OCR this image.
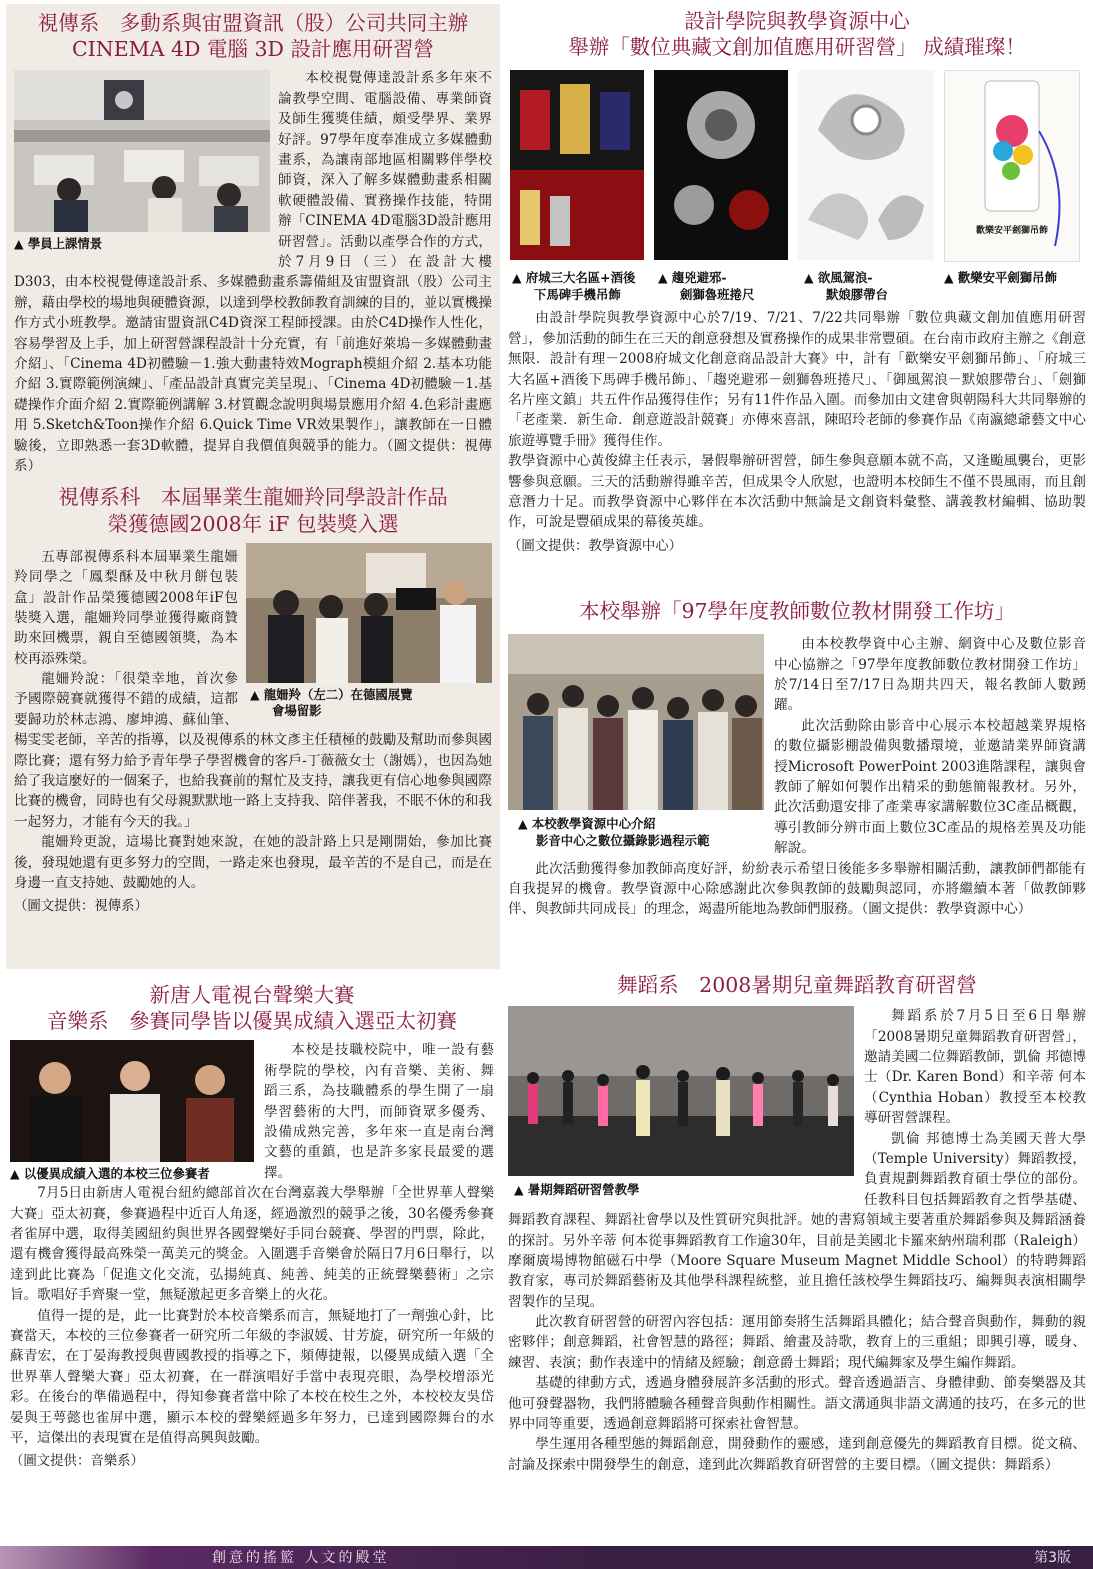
視傳系　多動系與宙盟資訊（股）公司共同主辦
CINEMA 4D 電腦 3D 設計應用研習營
▲ 學員上課情景

本校視覺傳達設計系多年來不論教學空間、電腦設備、專業師資及師生獲獎佳績，頗受學界、業界好評。97學年度奉准成立多媒體動畫系，為讓南部地區相關夥伴學校師資，深入了解多媒體動畫系相關軟硬體設備、實務操作技能，特開辦「CINEMA 4D電腦3D設計應用研習營」。活動以產學合作的方式，於7月9日（三）在設計大樓D303，由本校視覺傳達設計系、多媒體動畫系籌備組及宙盟資訊（股）公司主辦，藉由學校的場地與硬體資源，以達到學校教師教育訓練的目的，並以實機操作方式小班教學。邀請宙盟資訊C4D資深工程師授課。由於C4D操作人性化，容易學習及上手，加上研習營課程設計十分充實，有「前進好萊塢－多媒體動畫介紹」、「Cinema 4D初體驗－1.強大動畫特效Mograph模組介紹 2.基本功能介紹 3.實際範例演練」、「產品設計真實完美呈現」、「Cinema 4D初體驗－1.基礎操作介面介紹 2.實際範例講解 3.材質觀念說明與場景應用介紹 4.色彩計畫應用 5.Sketch&Toon操作介紹 6.Quick Time VR效果製作」，讓教師在一日體驗後，立即熟悉一套3D軟體，提昇自我價值與競爭的能力。（圖文提供：視傳系）

視傳系科　本屆畢業生龍姍羚同學設計作品
榮獲德國2008年 iF 包裝獎入選
▲ 龍姍羚（左二）在德國展覽
會場留影

五專部視傳系科本屆畢業生龍姍羚同學之「鳳梨酥及中秋月餅包裝盒」設計作品榮獲德國2008年iF包裝獎入選，龍姍羚同學並獲得廠商贊助來回機票，親自至德國領獎，為本校再添殊榮。

龍姍羚說：「很榮幸地，首次參予國際競賽就獲得不錯的成績，這都要歸功於林志鴻、廖坤鴻、蘇仙筆、楊雯雯老師，辛苦的指導，以及視傳系的林文彥主任積極的鼓勵及幫助而參與國際比賽；還有努力給予青年學子學習機會的客戶-丁薇薇女士（謝媽），也因為她給了我這麼好的一個案子，也給我賽前的幫忙及支持，讓我更有信心地參與國際比賽的機會，同時也有父母親默默地一路上支持我、陪伴著我，不眠不休的和我一起努力，才能有今天的我。」

龍姍羚更說，這場比賽對她來說，在她的設計路上只是剛開始，參加比賽後，發現她還有更多努力的空間，一路走來也發現，最辛苦的不是自己，而是在身邊一直支持她、鼓勵她的人。

（圖文提供：視傳系）

新唐人電視台聲樂大賽
音樂系　參賽同學皆以優異成績入選亞太初賽
▲ 以優異成績入選的本校三位參賽者

本校是技職校院中，唯一設有藝術學院的學校，內有音樂、美術、舞蹈三系，為技職體系的學生開了一扇學習藝術的大門，而師資眾多優秀、設備成熟完善，多年來一直是南台灣文藝的重鎮，也是許多家長最愛的選擇。

7月5日由新唐人電視台紐約總部首次在台灣嘉義大學舉辦「全世界華人聲樂大賽」亞太初賽，參賽過程中近百人角逐，經過激烈的競爭之後，30名優秀參賽者雀屏中選，取得美國紐約與世界各國聲樂好手同台競賽、學習的門票，除此，還有機會獲得最高殊榮一萬美元的獎金。入圍選手音樂會於隔日7月6日舉行，以達到此比賽為「促進文化交流，弘揚純真、純善、純美的正統聲樂藝術」之宗旨。歌唱好手齊聚一堂，無疑激起更多音樂上的火花。

值得一提的是，此一比賽對於本校音樂系而言，無疑地打了一劑強心針，比賽當天，本校的三位參賽者一研究所二年級的李淑媛、甘芳旋，研究所一年級的蘇青宏，在丁晏海教授與曹國教授的指導之下，頻傳捷報，以優異成績入選「全世界華人聲樂大賽」亞太初賽，在一群演唱好手當中表現亮眼，為學校增添光彩。在後台的準備過程中，得知參賽者當中除了本校在校生之外，本校校友吳岱晏與王萼懿也雀屏中選，顯示本校的聲樂經過多年努力，已達到國際舞台的水平，這傑出的表現實在是值得高興與鼓勵。

（圖文提供：音樂系）

設計學院與教學資源中心
舉辦「數位典藏文創加值應用研習營」 成績璀璨！
歡樂安平劍獅吊飾
▲ 府城三大名區+酒後
下馬碑手機吊飾
▲ 趨兇避邪-
劍獅魯班捲尺
▲ 欲風駕浪-
默娘膠帶台
▲ 歡樂安平劍獅吊飾

由設計學院與教學資源中心於7/19、7/21、7/22共同舉辦「數位典藏文創加值應用研習營」，參加活動的師生在三天的創意發想及實務操作的成果非常豐碩。在台南市政府主辦之《創意無限．設計有理－2008府城文化創意商品設計大賽》中，計有「歡樂安平劍獅吊飾」、「府城三大名區+酒後下馬碑手機吊飾」、「趨兇避邪－劍獅魯班捲尺」、「御風駕浪－默娘膠帶台」、「劍獅名片座文鎮」共五件作品獲得佳作；另有11件作品入圍。而參加由文建會與朝陽科大共同舉辦的「老產業．新生命．創意遊設計競賽」亦傳來喜訊，陳昭玲老師的參賽作品《南瀛總爺藝文中心旅遊導覽手冊》獲得佳作。

教學資源中心黃俊緯主任表示，暑假舉辦研習營，師生參與意願本就不高，又逢颱風襲台，更影響參與意願。三天的活動辦得雖辛苦，但成果令人欣慰，也證明本校師生不僅不畏風雨，而且創意潛力十足。而教學資源中心夥伴在本次活動中無論是文創資料彙整、講義教材編輯、協助製作，可說是豐碩成果的幕後英雄。

（圖文提供：教學資源中心）

本校舉辦「97學年度教師數位教材開發工作坊」
▲ 本校教學資源中心介紹
影音中心之數位攝錄影過程示範

由本校教學資中心主辦、網資中心及數位影音中心協辦之「97學年度教師數位教材開發工作坊」於7/14日至7/17日為期共四天，報名教師人數踴躍。

此次活動除由影音中心展示本校超越業界規格的數位攝影棚設備與數播環境，並邀請業界師資講授Microsoft PowerPoint 2003進階課程，讓與會教師了解如何製作出精采的動態簡報教材。另外，此次活動還安排了產業專家講解數位3C產品概觀，導引教師分辨市面上數位3C產品的規格差異及功能解說。

此次活動獲得參加教師高度好評，紛紛表示希望日後能多多舉辦相關活動，讓教師們都能有自我提昇的機會。教學資源中心除感謝此次參與教師的鼓勵與認同，亦將繼續本著「做教師夥伴、與教師共同成長」的理念，竭盡所能地為教師們服務。（圖文提供：教學資源中心）

舞蹈系　2008暑期兒童舞蹈教育研習營
▲ 暑期舞蹈研習營教學

舞蹈系於7月5日至6日舉辦「2008暑期兒童舞蹈教育研習營」，邀請美國二位舞蹈教師，凱倫 邦德博士（Dr. Karen Bond）和辛蒂 何本（Cynthia Hoban）教授至本校教導研習營課程。

凱倫 邦德博士為美國天普大學（Temple University）舞蹈教授，負責規劃舞蹈教育碩士學位的部份。任教科目包括舞蹈教育之哲學基礎、舞蹈教育課程、舞蹈社會學以及性質研究與批評。她的書寫領域主要著重於舞蹈參與及舞蹈涵養的探討。另外辛蒂 何本從事舞蹈教育工作逾30年，目前是美國北卡羅來納州瑞利郡（Raleigh）摩爾廣場博物館磁石中學（Moore Square Museum Magnet Middle School）的特聘舞蹈教育家，專司於舞蹈藝術及其他學科課程統整，並且擔任該校學生舞蹈技巧、編舞與表演相關學習製作的呈現。

此次教育研習營的研習內容包括：運用節奏將生活舞蹈具體化；結合聲音與動作，舞動的親密夥伴；創意舞蹈，社會智慧的路徑；舞蹈、繪畫及詩歌，教育上的三重組；即興引導，暖身、練習、表演；動作表達中的情緒及經驗；創意爵士舞蹈；現代編舞家及學生編作舞蹈。

基礎的律動方式，透過身體發展許多活動的形式。聲音透過語言、身體律動、節奏樂器及其他可發聲器物，我們將體驗各種聲音與動作相關性。語文溝通與非語文溝通的技巧，在多元的世界中同等重要，透過創意舞蹈將可探索社會智慧。

學生運用各種型態的舞蹈創意，開發動作的靈感，達到創意優先的舞蹈教育目標。從文稿、討論及探索中開發學生的創意，達到此次舞蹈教育研習營的主要目標。（圖文提供：舞蹈系）

創意的搖籃 人文的殿堂	第3版
